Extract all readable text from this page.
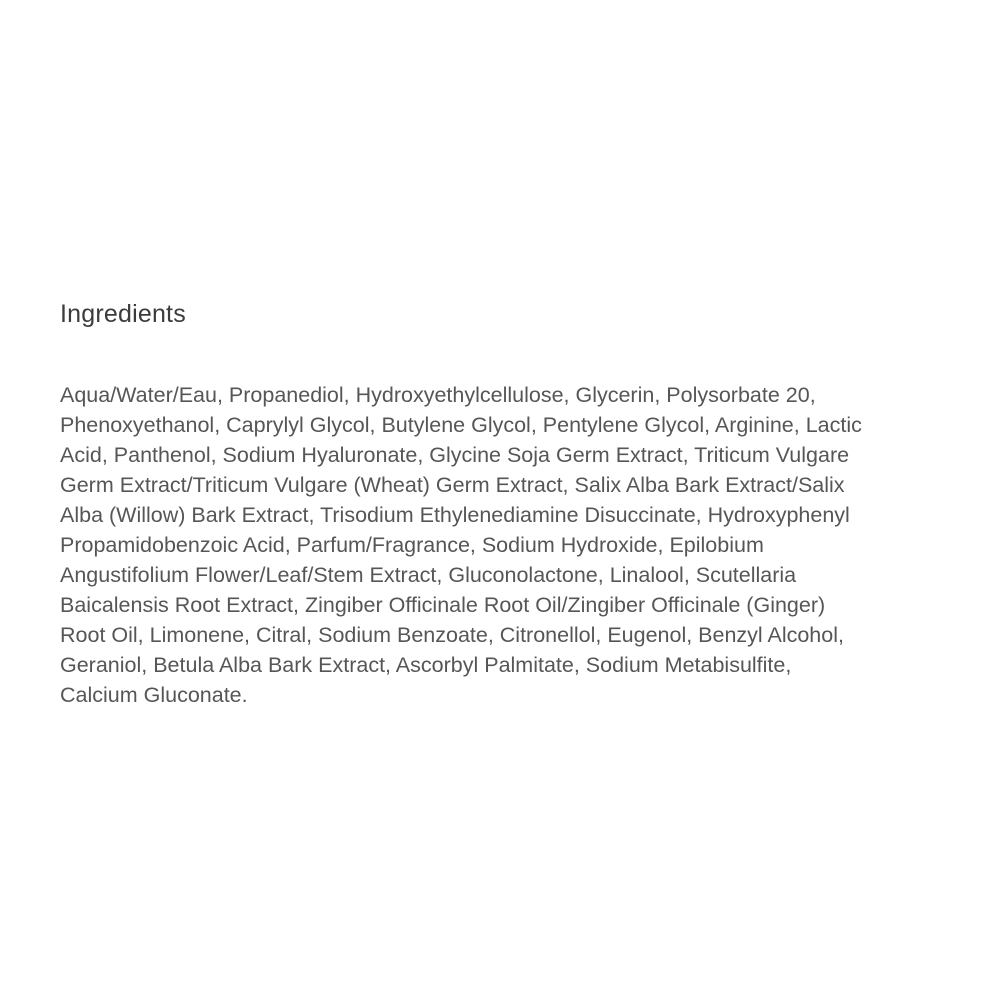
Ingredients
Aqua/Water/Eau, Propanediol, Hydroxyethylcellulose, Glycerin, Polysorbate 20,
Phenoxyethanol, Caprylyl Glycol, Butylene Glycol, Pentylene Glycol, Arginine, Lactic
Acid, Panthenol, Sodium Hyaluronate, Glycine Soja Germ Extract, Triticum Vulgare
Germ Extract/Triticum Vulgare (Wheat) Germ Extract, Salix Alba Bark Extract/Salix
Alba (Willow) Bark Extract, Trisodium Ethylenediamine Disuccinate, Hydroxyphenyl
Propamidobenzoic Acid, Parfum/Fragrance, Sodium Hydroxide, Epilobium
Angustifolium Flower/Leaf/Stem Extract, Gluconolactone, Linalool, Scutellaria
Baicalensis Root Extract, Zingiber Officinale Root Oil/Zingiber Officinale (Ginger)
Root Oil, Limonene, Citral, Sodium Benzoate, Citronellol, Eugenol, Benzyl Alcohol,
Geraniol, Betula Alba Bark Extract, Ascorbyl Palmitate, Sodium Metabisulfite,
Calcium Gluconate.
